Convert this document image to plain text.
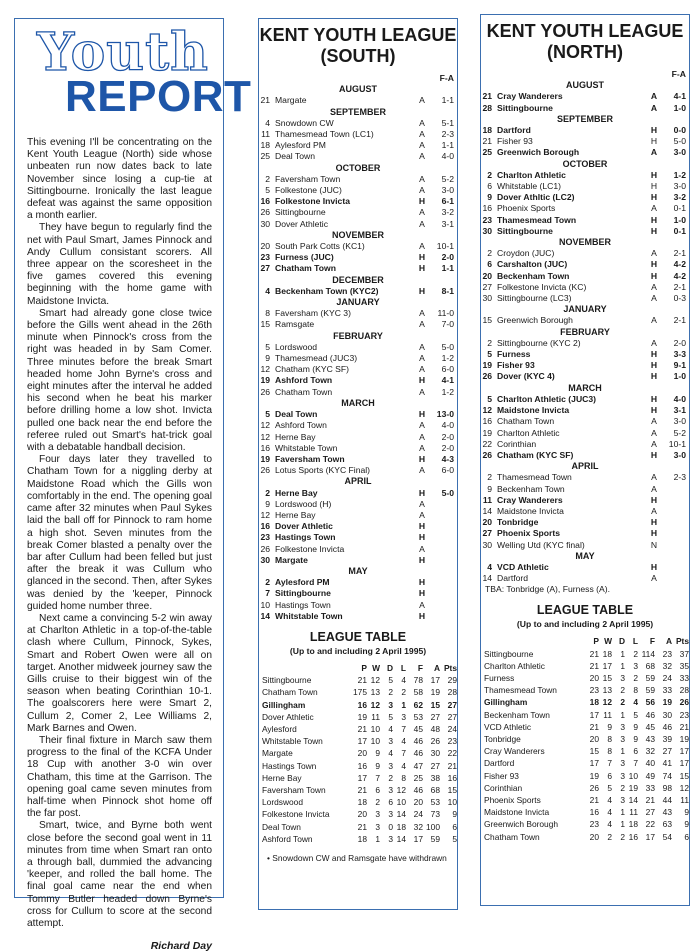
Youth
REPORT

This evening I'll be concentrating on the Kent Youth League (North) side whose unbeaten run now dates back to late November since losing a cup-tie at Sittingbourne. Ironically the last league defeat was against the same opposition a month earlier.

They have begun to regularly find the net with Paul Smart, James Pinnock and Andy Cullum consistant scorers. All three appear on the scoresheet in the five games covered this evening beginning with the home game with Maidstone Invicta.

Smart had already gone close twice before the Gills went ahead in the 26th minute when Pinnock's cross from the right was headed in by Sam Comer. Three minutes before the break Smart headed home John Byrne's cross and eight minutes after the interval he added his second when he beat his marker before drilling home a low shot. Invicta pulled one back near the end before the referee ruled out Smart's hat-trick goal with a debatable handball decision.

Four days later they travelled to Chatham Town for a niggling derby at Maidstone Road which the Gills won comfortably in the end. The opening goal came after 32 minutes when Paul Sykes laid the ball off for Pinnock to ram home a high shot. Seven minutes from the break Comer blasted a penalty over the bar after Cullum had been felled but just after the break it was Cullum who glanced in the second. Then, after Sykes was denied by the 'keeper, Pinnock guided home number three.

Next came a convincing 5-2 win away at Charlton Athletic in a top-of-the-table clash where Cullum, Pinnock, Sykes, Smart and Robert Owen were all on target. Another midweek journey saw the Gills cruise to their biggest win of the season when beating Corinthian 10-1. The goalscorers here were Smart 2, Cullum 2, Comer 2, Lee Williams 2, Mark Barnes and Owen.

Their final fixture in March saw them progress to the final of the KCFA Under 18 Cup with another 3-0 win over Chatham, this time at the Garrison. The opening goal came seven minutes from half-time when Pinnock shot home off the far post.

Smart, twice, and Byrne both went close before the second goal went in 11 minutes from time when Smart ran onto a through ball, dummied the advancing 'keeper, and rolled the ball home. The final goal came near the end when Tommy Butler headed down Byrne's cross for Cullum to score at the second attempt.

Richard Day
KENT YOUTH LEAGUE
(SOUTH)
			F-A
AUGUST			
21	Margate	A	1-1
SEPTEMBER			
4	Snowdown CW	A	5-1
11	Thamesmead Town (LC1)	A	2-3
18	Aylesford PM	A	1-1
25	Deal Town	A	4-0
OCTOBER			
2	Faversham Town	A	5-2
5	Folkestone (JUC)	A	3-0
16	Folkestone Invicta	H	6-1
26	Sittingbourne	A	3-2
30	Dover Athletic	A	3-1
NOVEMBER			
20	South Park Cotts (KC1)	A	10-1
23	Furness (JUC)	H	2-0
27	Chatham Town	H	1-1
DECEMBER			
4	Beckenham Town (KYC2)	H	8-1
JANUARY			
8	Faversham (KYC 3)	A	11-0
15	Ramsgate	A	7-0
FEBRUARY			
5	Lordswood	A	5-0
9	Thamesmead (JUC3)	A	1-2
12	Chatham (KYC SF)	A	6-0
19	Ashford Town	H	4-1
26	Chatham Town	A	1-2
MARCH			
5	Deal Town	H	13-0
12	Ashford Town	A	4-0
12	Herne Bay	A	2-0
16	Whitstable Town	A	2-0
19	Faversham Town	H	4-3
26	Lotus Sports (KYC Final)	A	6-0
APRIL			
2	Herne Bay	H	5-0
9	Lordswood (H)	A	
12	Herne Bay	A	
16	Dover Athletic	H	
23	Hastings Town	H	
26	Folkestone Invicta	A	
30	Margate	H	
MAY			
2	Aylesford PM	H	
7	Sittingbourne	H	
10	Hastings Town	A	
14	Whitstable Town	H	
LEAGUE TABLE
(Up to and including 2 April 1995)
	P	W	D	L	F	A	Pts
Sittingbourne	21	12	5	4	78	17	29
Chatham Town	175	13	2	2	58	19	28
Gillingham	16	12	3	1	62	15	27
Dover Athletic	19	11	5	3	53	27	27
Aylesford	21	10	4	7	45	48	24
Whitstable Town	17	10	3	4	46	26	23
Margate	20	9	4	7	46	30	22
Hastings Town	16	9	3	4	47	27	21
Herne Bay	17	7	2	8	25	38	16
Faversham Town	21	6	3	12	46	68	15
Lordswood	18	2	6	10	20	53	10
Folkestone Invicta	20	3	3	14	24	73	9
Deal Town	21	3	0	18	32	100	6
Ashford Town	18	1	3	14	17	59	5
• Snowdown CW and Ramsgate have withdrawn
KENT YOUTH LEAGUE
(NORTH)
			F-A
AUGUST			
21	Cray Wanderers	A	4-1
28	Sittingbourne	A	1-0
SEPTEMBER			
18	Dartford	H	0-0
21	Fisher 93	H	5-0
25	Greenwich Borough	A	3-0
OCTOBER			
2	Charlton Athletic	H	1-2
6	Whitstable (LC1)	H	3-0
9	Dover Athltic (LC2)	H	3-2
16	Phoenix Sports	A	0-1
23	Thamesmead Town	H	1-0
30	Sittingbourne	H	0-1
NOVEMBER			
2	Croydon (JUC)	A	2-1
6	Carshalton (JUC)	H	4-2
20	Beckenham Town	H	4-2
27	Folkestone Invicta (KC)	A	2-1
30	Sittingbourne (LC3)	A	0-3
JANUARY			
15	Greenwich Borough	A	2-1
FEBRUARY			
2	Sittingbourne (KYC 2)	A	2-0
5	Furness	H	3-3
19	Fisher 93	H	9-1
26	Dover (KYC 4)	H	1-0
MARCH			
5	Charlton Athletic (JUC3)	H	4-0
12	Maidstone Invicta	H	3-1
16	Chatham Town	A	3-0
19	Charlton Athletic	A	5-2
22	Corinthian	A	10-1
26	Chatham (KYC SF)	H	3-0
APRIL			
2	Thamesmead Town	A	2-3
9	Beckenham Town	A	
11	Cray Wanderers	H	
14	Maidstone Invicta	A	
20	Tonbridge	H	
27	Phoenix Sports	H	
30	Welling Utd (KYC final)	N	
MAY			
4	VCD Athletic	H	
14	Dartford	A	
TBA: Tonbridge (A), Furness (A).
LEAGUE TABLE
(Up to and including 2 April 1995)
	P	W	D	L	F	A	Pts
Sittingbourne	21	18	1	2	114	23	37
Charlton Athletic	21	17	1	3	68	32	35
Furness	20	15	3	2	59	24	33
Thamesmead Town	23	13	2	8	59	33	28
Gillingham	18	12	2	4	56	19	26
Beckenham Town	17	11	1	5	46	30	23
VCD Athletic	21	9	3	9	45	46	21
Tonbridge	20	8	3	9	43	39	19
Cray Wanderers	15	8	1	6	32	27	17
Dartford	17	7	3	7	40	41	17
Fisher 93	19	6	3	10	49	74	15
Corinthian	26	5	2	19	33	98	12
Phoenix Sports	21	4	3	14	21	44	11
Maidstone Invicta	16	4	1	11	27	43	9
Greenwich Borough	23	4	1	18	22	63	9
Chatham Town	20	2	2	16	17	54	6
